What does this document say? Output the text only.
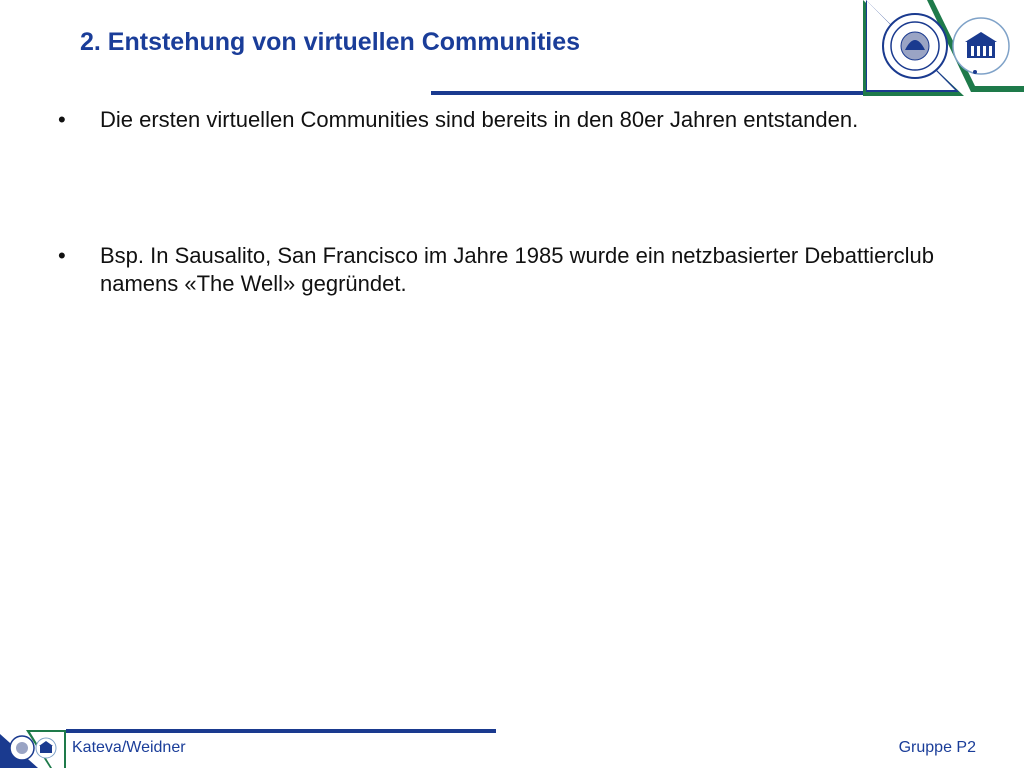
2. Entstehung von virtuellen Communities
• Die ersten virtuellen Communities sind bereits in den 80er Jahren entstanden.
• Bsp. In Sausalito, San Francisco im Jahre 1985 wurde ein netzbasierter Debattierclub namens «The Well» gegründet.
Kateva/Weidner	Gruppe P2
